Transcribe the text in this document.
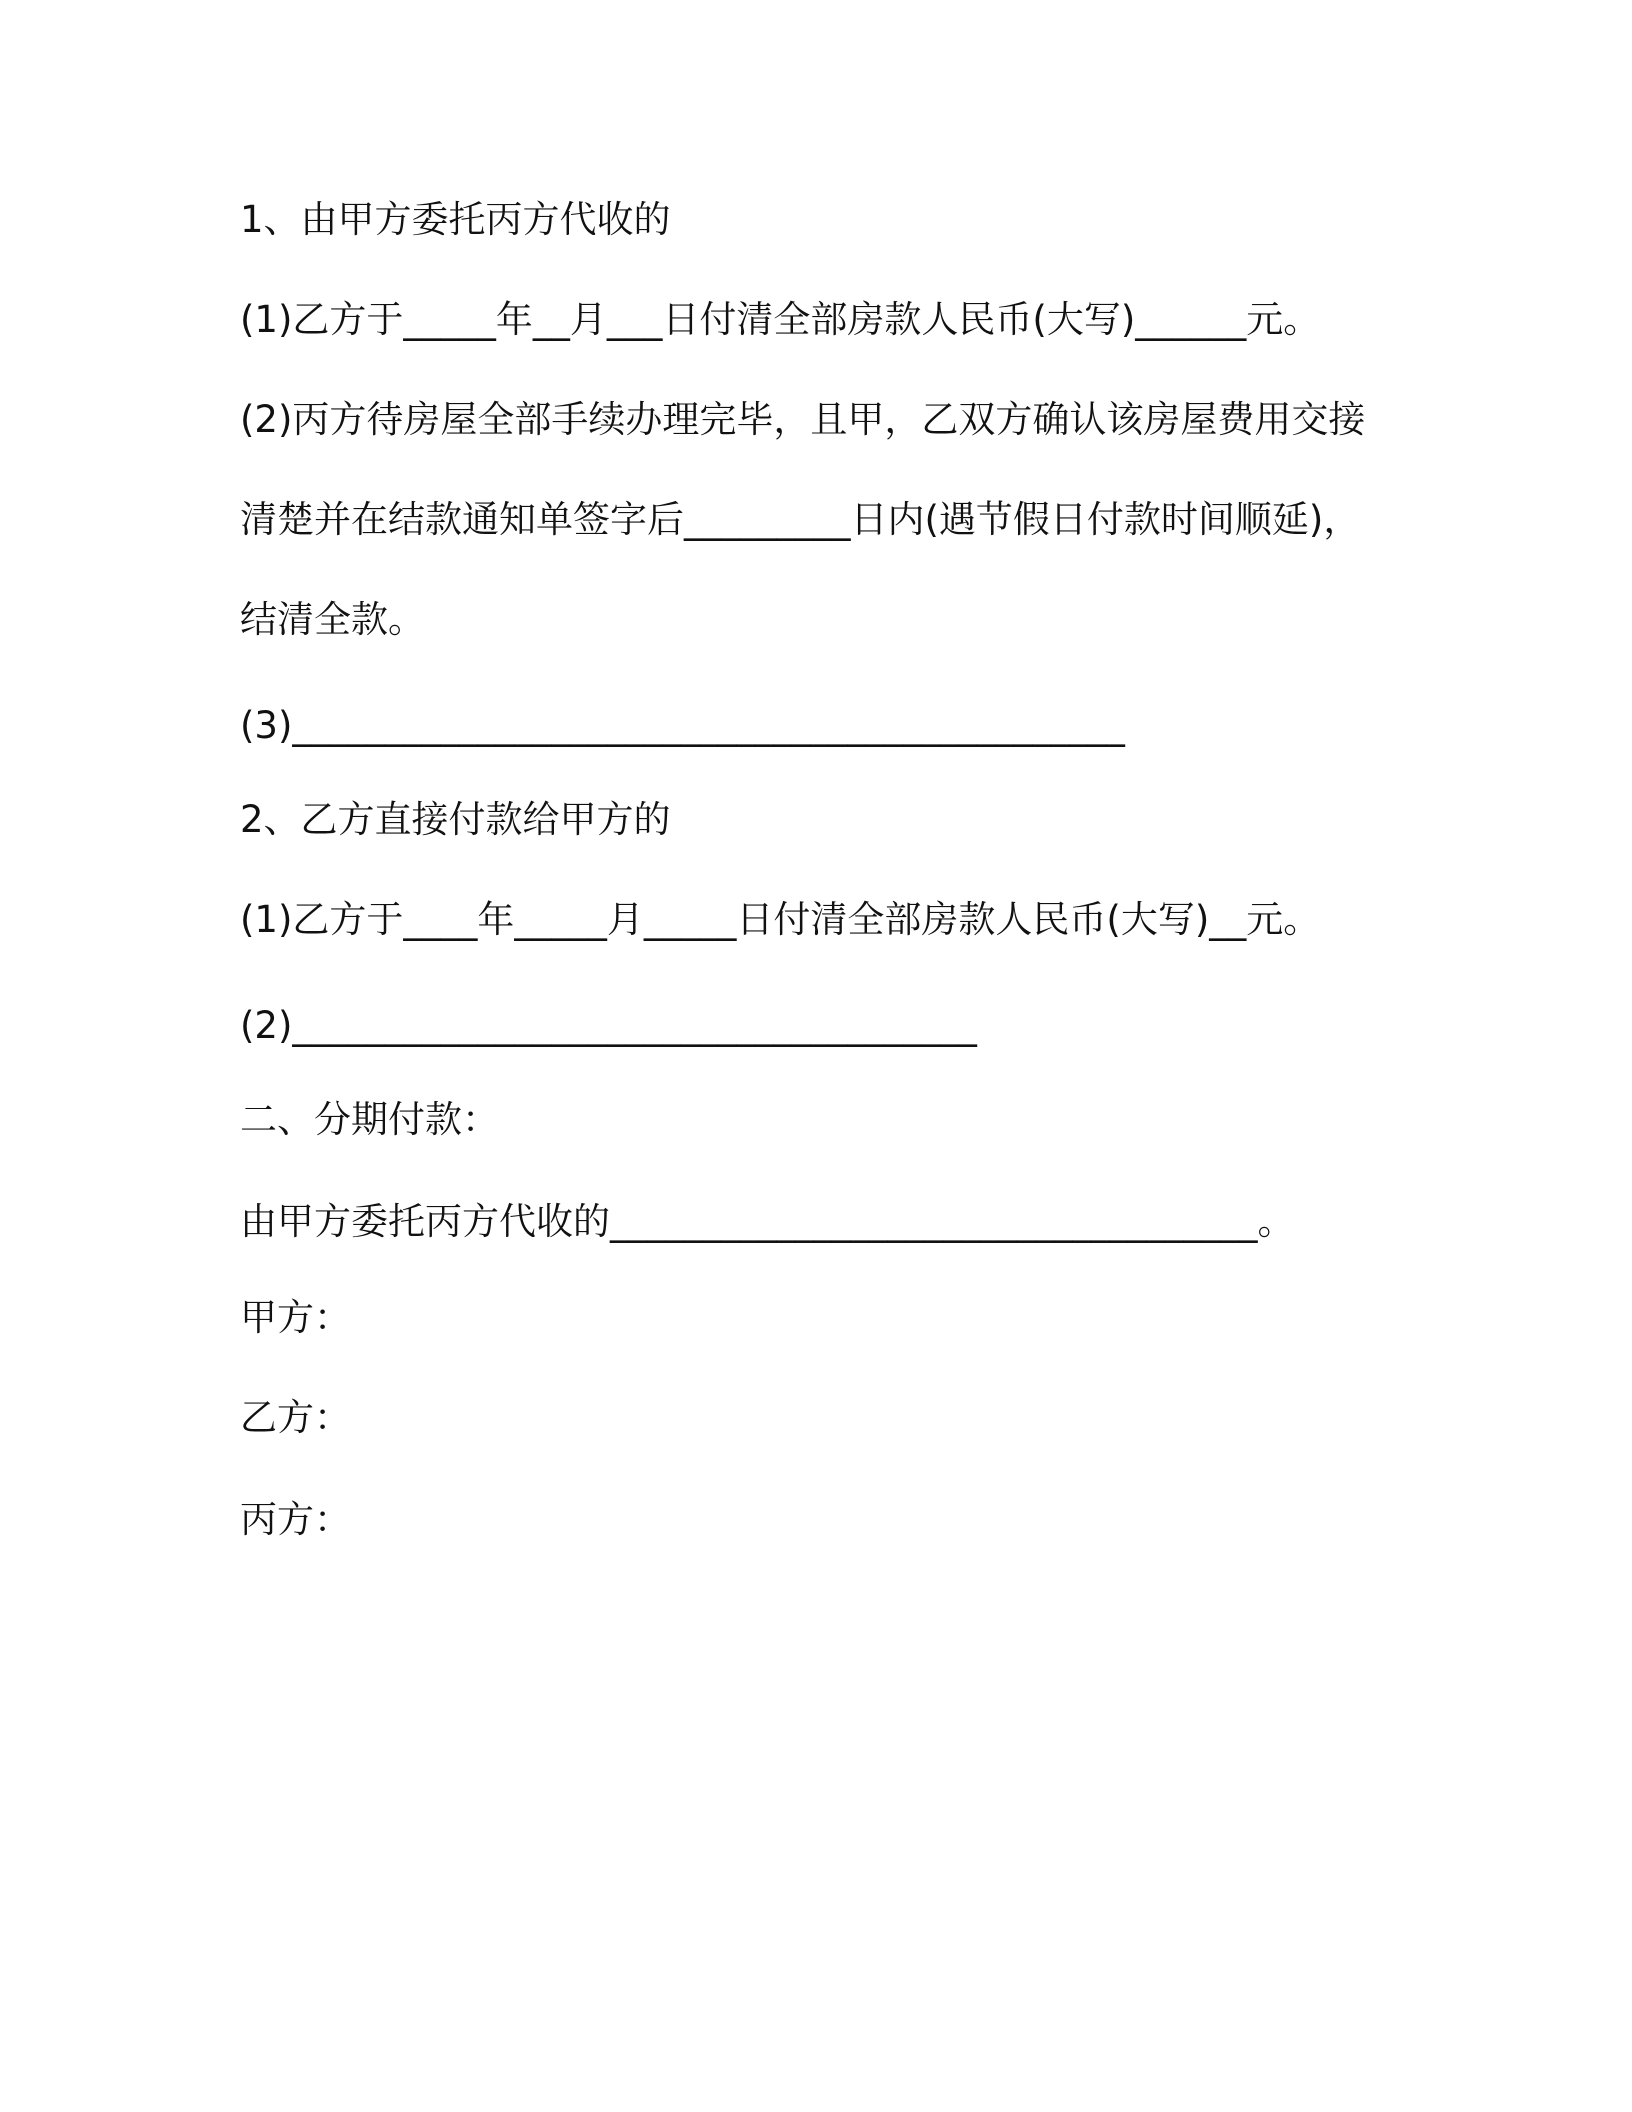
1、由甲方委托丙方代收的
(1)乙方于_____年__月___日付清全部房款人民币(大写)______元。
(2)丙方待房屋全部手续办理完毕，且甲，乙双方确认该房屋费用交接
清楚并在结款通知单签字后_________日内(遇节假日付款时间顺延)，
结清全款。
(3)_____________________________________________
2、乙方直接付款给甲方的
(1)乙方于____年_____月_____日付清全部房款人民币(大写)__元。
(2)_____________________________________
二、分期付款：
由甲方委托丙方代收的___________________________________。
甲方：
乙方：
丙方：
